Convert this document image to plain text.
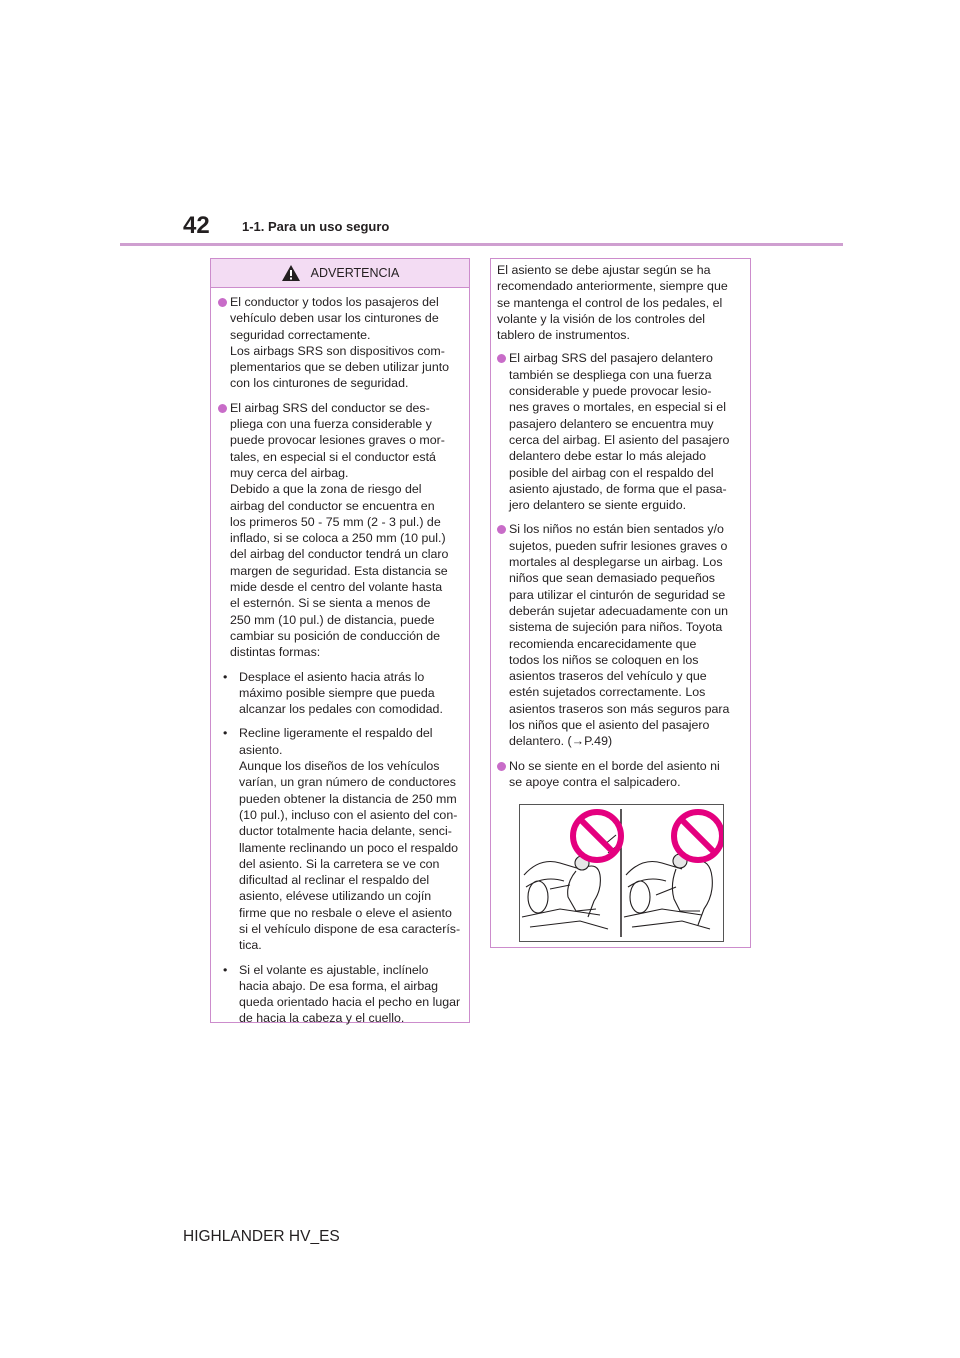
42 1-1. Para un uso seguro
ADVERTENCIA

El conductor y todos los pasajeros del
vehículo deben usar los cinturones de
seguridad correctamente.
Los airbags SRS son dispositivos com-
plementarios que se deben utilizar junto
con los cinturones de seguridad.

El airbag SRS del conductor se des-
pliega con una fuerza considerable y
puede provocar lesiones graves o mor-
tales, en especial si el conductor está
muy cerca del airbag.
Debido a que la zona de riesgo del
airbag del conductor se encuentra en
los primeros 50 - 75 mm (2 - 3 pul.) de
inflado, si se coloca a 250 mm (10 pul.)
del airbag del conductor tendrá un claro
margen de seguridad. Esta distancia se
mide desde el centro del volante hasta
el esternón. Si se sienta a menos de
250 mm (10 pul.) de distancia, puede
cambiar su posición de conducción de
distintas formas:

• Desplace el asiento hacia atrás lo
máximo posible siempre que pueda
alcanzar los pedales con comodidad.

• Recline ligeramente el respaldo del
asiento.
Aunque los diseños de los vehículos
varían, un gran número de conductores
pueden obtener la distancia de 250 mm
(10 pul.), incluso con el asiento del con-
ductor totalmente hacia delante, senci-
llamente reclinando un poco el respaldo
del asiento. Si la carretera se ve con
dificultad al reclinar el respaldo del
asiento, elévese utilizando un cojín
firme que no resbale o eleve el asiento
si el vehículo dispone de esa caracterís-
tica.

• Si el volante es ajustable, inclínelo
hacia abajo. De esa forma, el airbag
queda orientado hacia el pecho en lugar
de hacia la cabeza y el cuello.

El asiento se debe ajustar según se ha
recomendado anteriormente, siempre que
se mantenga el control de los pedales, el
volante y la visión de los controles del
tablero de instrumentos.

El airbag SRS del pasajero delantero
también se despliega con una fuerza
considerable y puede provocar lesio-
nes graves o mortales, en especial si el
pasajero delantero se encuentra muy
cerca del airbag. El asiento del pasajero
delantero debe estar lo más alejado
posible del airbag con el respaldo del
asiento ajustado, de forma que el pasa-
jero delantero se siente erguido.

Si los niños no están bien sentados y/o
sujetos, pueden sufrir lesiones graves o
mortales al desplegarse un airbag. Los
niños que sean demasiado pequeños
para utilizar el cinturón de seguridad se
deberán sujetar adecuadamente con un
sistema de sujeción para niños. Toyota
recomienda encarecidamente que
todos los niños se coloquen en los
asientos traseros del vehículo y que
estén sujetados correctamente. Los
asientos traseros son más seguros para
los niños que el asiento del pasajero
delantero. (→P.49)

No se siente en el borde del asiento ni
se apoye contra el salpicadero.

HIGHLANDER HV_ES
